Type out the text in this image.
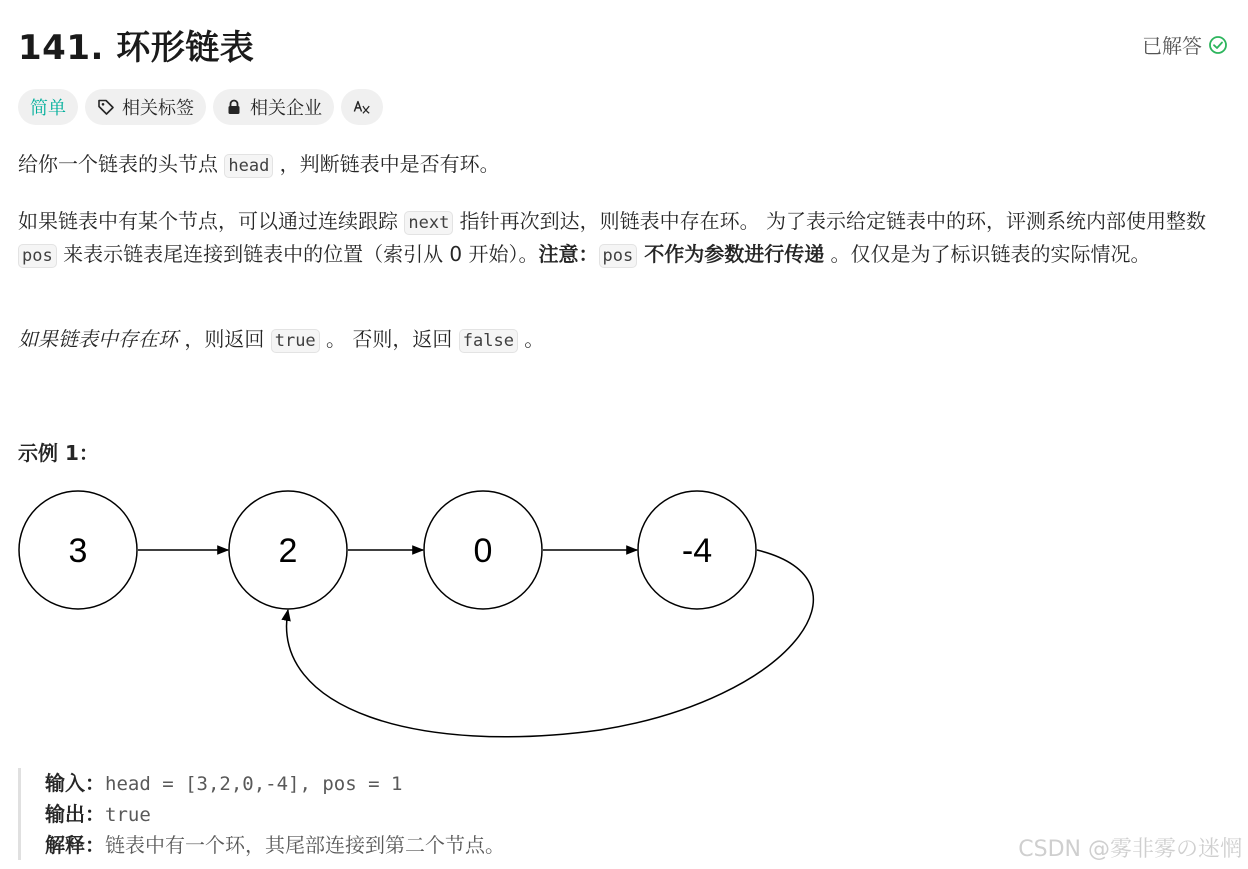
141. 环形链表	已解答
简单	相关标签	相关企业

给你一个链表的头节点 head ，判断链表中是否有环。

如果链表中有某个节点，可以通过连续跟踪 next 指针再次到达，则链表中存在环。 为了表示给定链表中的环，评测系统内部使用整数 pos 来表示链表尾连接到链表中的位置（索引从 0 开始）。注意： pos 不作为参数进行传递 。仅仅是为了标识链表的实际情况。

如果链表中存在环 ，则返回 true 。 否则，返回 false 。

示例 1：
3	2	0	-4
输入：head = [3,2,0,-4], pos = 1
输出：true
解释：链表中有一个环，其尾部连接到第二个节点。	CSDN @雾非雾の迷惘
